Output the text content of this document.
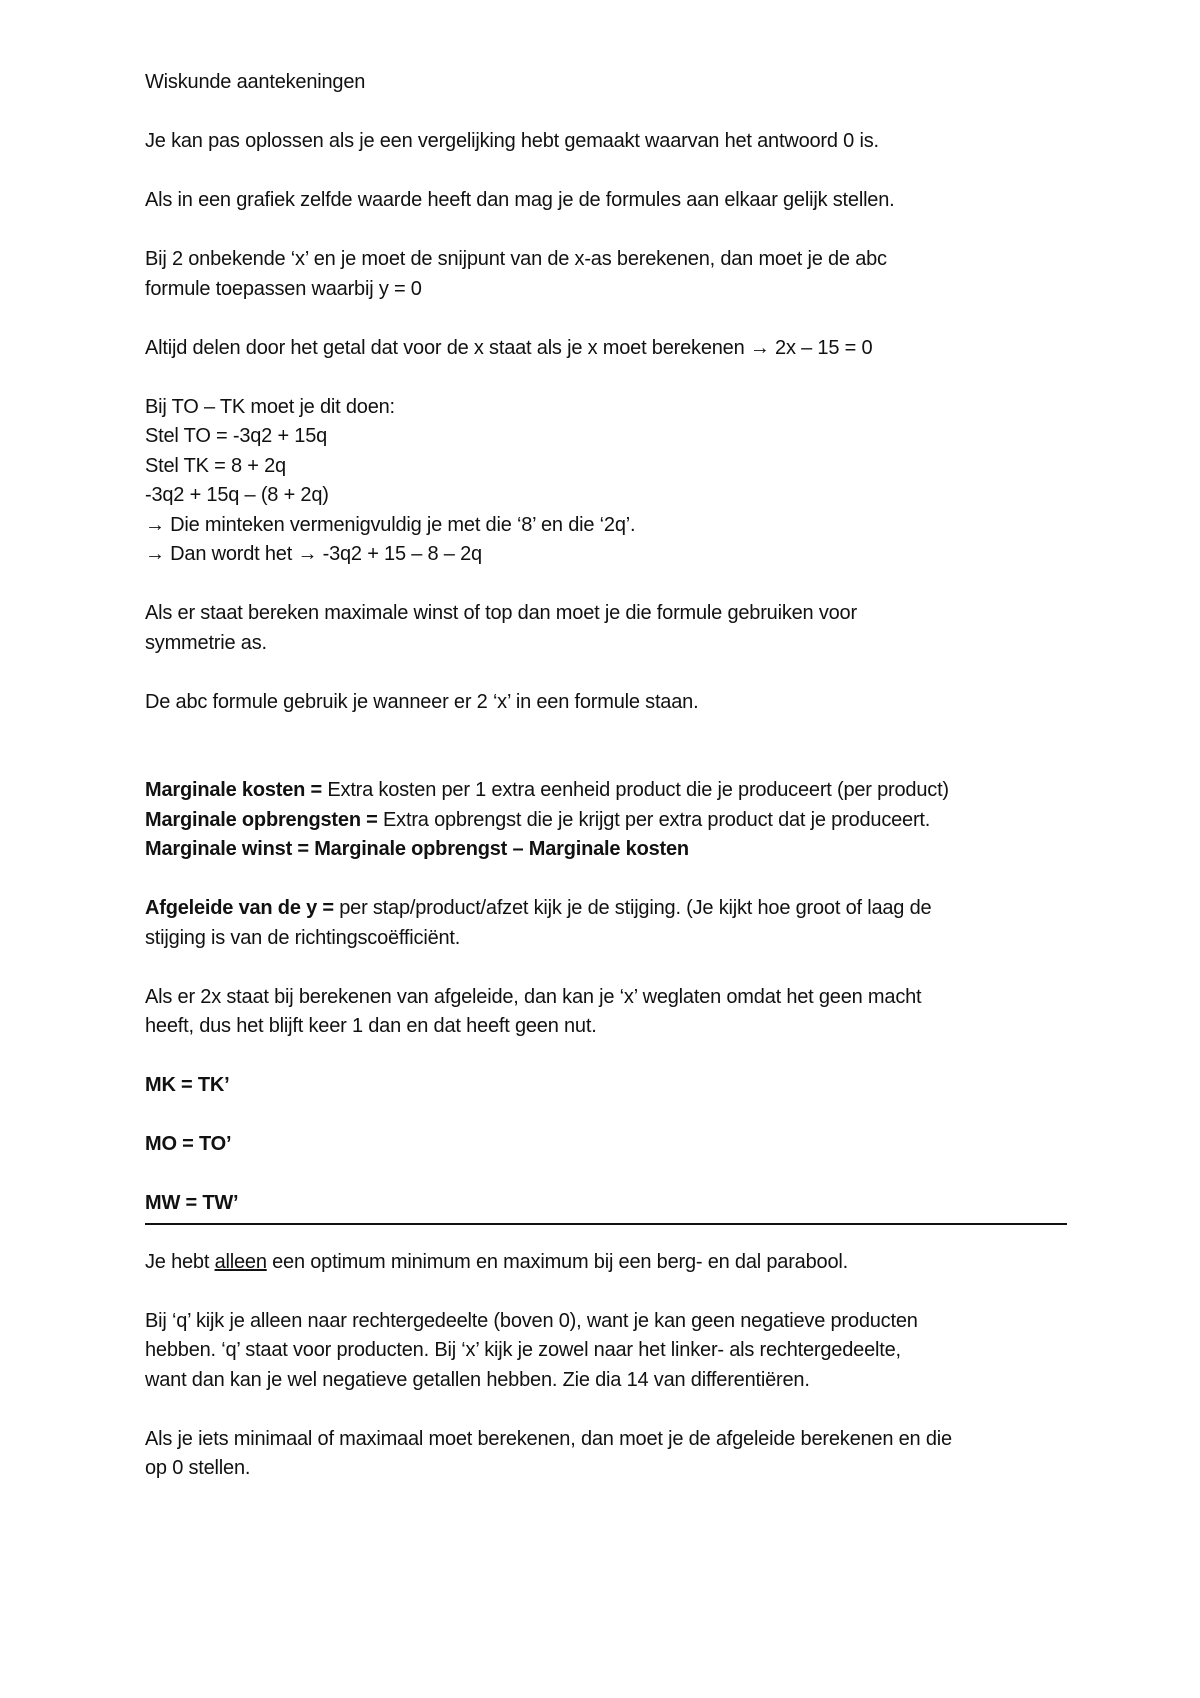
Wiskunde aantekeningen
Je kan pas oplossen als je een vergelijking hebt gemaakt waarvan het antwoord 0 is.
Als in een grafiek zelfde waarde heeft dan mag je de formules aan elkaar gelijk stellen.
Bij 2 onbekende ‘x’ en je moet de snijpunt van de x-as berekenen, dan moet je de abc
formule toepassen waarbij y = 0
Altijd delen door het getal dat voor de x staat als je x moet berekenen → 2x – 15 = 0
Bij TO – TK moet je dit doen:
Stel TO = -3q2 + 15q
Stel TK = 8 + 2q
-3q2 + 15q – (8 + 2q)
→ Die minteken vermenigvuldig je met die ‘8’ en die ‘2q’.
→ Dan wordt het → -3q2 + 15 – 8 – 2q
Als er staat bereken maximale winst of top dan moet je die formule gebruiken voor
symmetrie as.
De abc formule gebruik je wanneer er 2 ‘x’ in een formule staan.
Marginale kosten = Extra kosten per 1 extra eenheid product die je produceert (per product)
Marginale opbrengsten = Extra opbrengst die je krijgt per extra product dat je produceert.
Marginale winst = Marginale opbrengst – Marginale kosten
Afgeleide van de y = per stap/product/afzet kijk je de stijging. (Je kijkt hoe groot of laag de
stijging is van de richtingscoëfficiënt.
Als er 2x staat bij berekenen van afgeleide, dan kan je ‘x’ weglaten omdat het geen macht
heeft, dus het blijft keer 1 dan en dat heeft geen nut.
MK = TK’
MO = TO’
MW = TW’
Je hebt alleen een optimum minimum en maximum bij een berg- en dal parabool.
Bij ‘q’ kijk je alleen naar rechtergedeelte (boven 0), want je kan geen negatieve producten
hebben. ‘q’ staat voor producten. Bij ‘x’ kijk je zowel naar het linker- als rechtergedeelte,
want dan kan je wel negatieve getallen hebben. Zie dia 14 van differentiëren.
Als je iets minimaal of maximaal moet berekenen, dan moet je de afgeleide berekenen en die
op 0 stellen.
